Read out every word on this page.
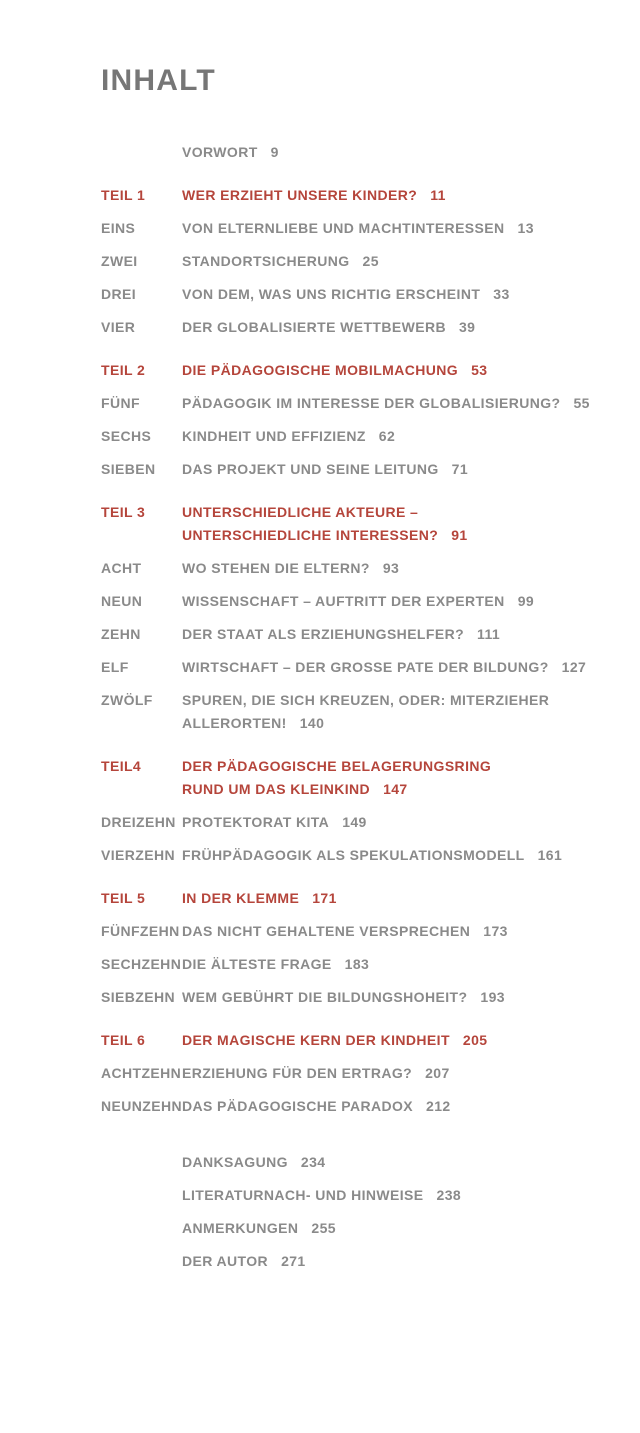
INHALT
VORWORT 9
TEIL 1	WER ERZIEHT UNSERE KINDER? 11
EINS	VON ELTERNLIEBE UND MACHTINTERESSEN 13
ZWEI	STANDORTSICHERUNG 25
DREI	VON DEM, WAS UNS RICHTIG ERSCHEINT 33
VIER	DER GLOBALISIERTE WETTBEWERB 39
TEIL 2	DIE PÄDAGOGISCHE MOBILMACHUNG 53
FÜNF	PÄDAGOGIK IM INTERESSE DER GLOBALISIERUNG? 55
SECHS	KINDHEIT UND EFFIZIENZ 62
SIEBEN	DAS PROJEKT UND SEINE LEITUNG 71
TEIL 3	UNTERSCHIEDLICHE AKTEURE –
UNTERSCHIEDLICHE INTERESSEN? 91
ACHT	WO STEHEN DIE ELTERN? 93
NEUN	WISSENSCHAFT – AUFTRITT DER EXPERTEN 99
ZEHN	DER STAAT ALS ERZIEHUNGSHELFER? 111
ELF	WIRTSCHAFT – DER GROSSE PATE DER BILDUNG? 127
ZWÖLF	SPUREN, DIE SICH KREUZEN, ODER: MITERZIEHER
ALLERORTEN! 140
TEIL4	DER PÄDAGOGISCHE BELAGERUNGSRING
RUND UM DAS KLEINKIND 147
DREIZEHN PROTEKTORAT KITA 149
VIERZEHN FRÜHPÄDAGOGIK ALS SPEKULATIONSMODELL 161
TEIL 5	IN DER KLEMME 171
FÜNFZEHN DAS NICHT GEHALTENE VERSPRECHEN 173
SECHZEHN DIE ÄLTESTE FRAGE 183
SIEBZEHN WEM GEBÜHRT DIE BILDUNGSHOHEIT? 193
TEIL 6	DER MAGISCHE KERN DER KINDHEIT 205
ACHTZEHN ERZIEHUNG FÜR DEN ERTRAG? 207
NEUNZEHN DAS PÄDAGOGISCHE PARADOX 212
DANKSAGUNG 234
LITERATURNACH- UND HINWEISE 238
ANMERKUNGEN 255
DER AUTOR 271
